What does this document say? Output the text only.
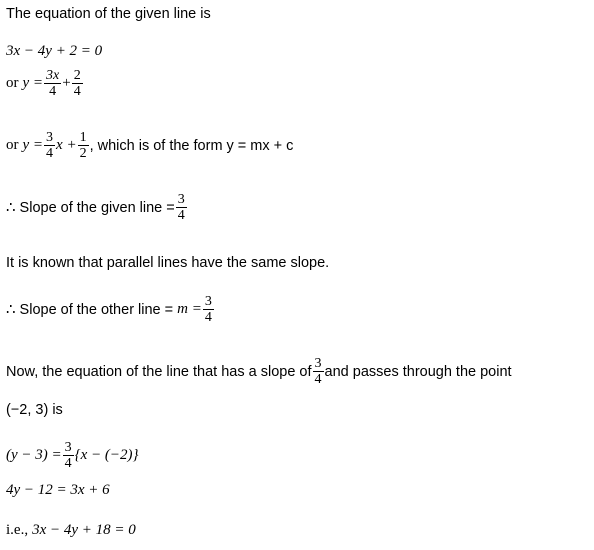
The equation of the given line is
3x − 4y + 2 = 0
or $y = \frac{3x}{4} + \frac{2}{4}$
or $y = \frac{3}{4}$ $x + \frac{1}{2}$ , which is of the form y = mx + c
∴ Slope of the given line = $\frac{3}{4}$
It is known that parallel lines have the same slope.
∴ Slope of the other line = $m = \frac{3}{4}$
Now, the equation of the line that has a slope of $\frac{3}{4}$ and passes through the point
(−2, 3) is
$(y - 3) = \frac{3}{4} \{x - (-2)\}$
4y − 12 = 3x + 6
i.e., 3x − 4y + 18 = 0
